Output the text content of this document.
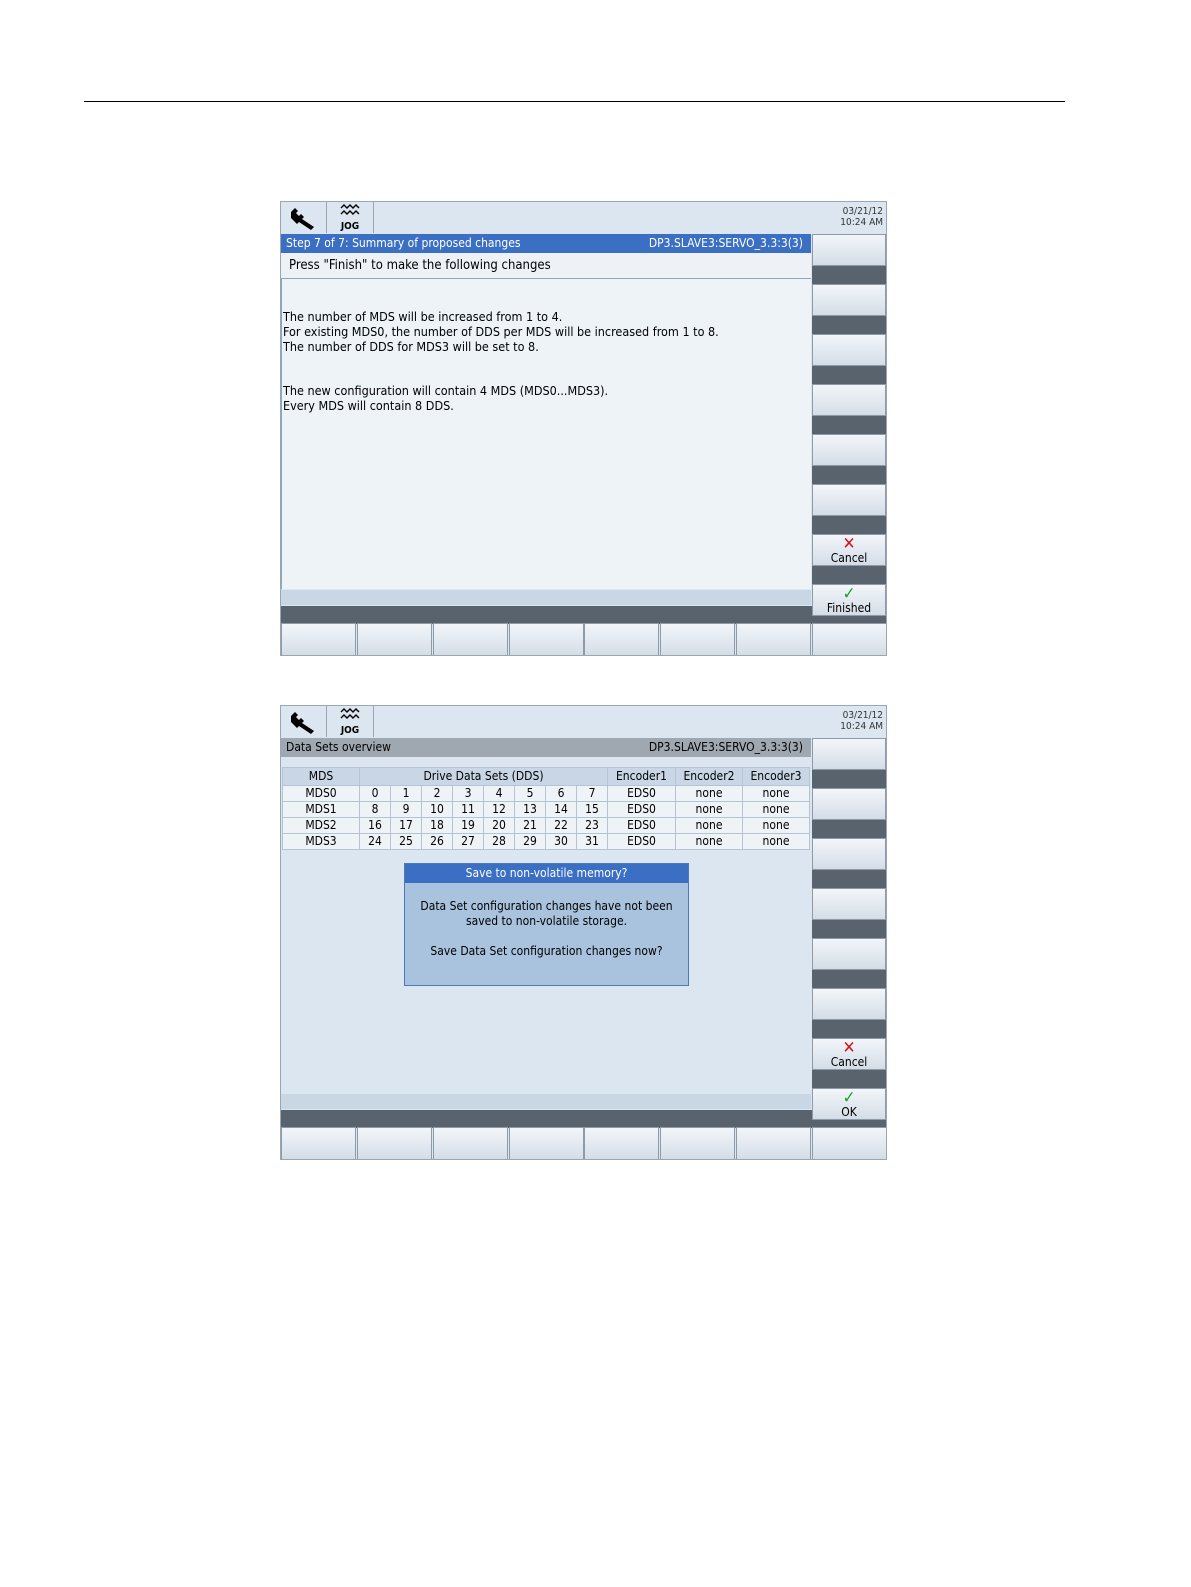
JOG
03/21/12
10:24 AM
Step 7 of 7: Summary of proposed changes	DP3.SLAVE3:SERVO_3.3:3(3)
Press "Finish" to make the following changes

The number of MDS will be increased from 1 to 4.

For existing MDS0, the number of DDS per MDS will be increased from 1 to 8.

The number of DDS for MDS3 will be set to 8.

The new configuration will contain 4 MDS (MDS0...MDS3).

Every MDS will contain 8 DDS.

✕
Cancel
✓
Finished
JOG
03/21/12
10:24 AM
Data Sets overview	DP3.SLAVE3:SERVO_3.3:3(3)
MDS	Drive Data Sets (DDS)								Encoder1	Encoder2	Encoder3
MDS0	0	1	2	3	4	5	6	7	EDS0	none	none
MDS1	8	9	10	11	12	13	14	15	EDS0	none	none
MDS2	16	17	18	19	20	21	22	23	EDS0	none	none
MDS3	24	25	26	27	28	29	30	31	EDS0	none	none
Save to non-volatile memory?

Data Set configuration changes have not been

saved to non-volatile storage.

Save Data Set configuration changes now?

✕
Cancel
✓
OK
